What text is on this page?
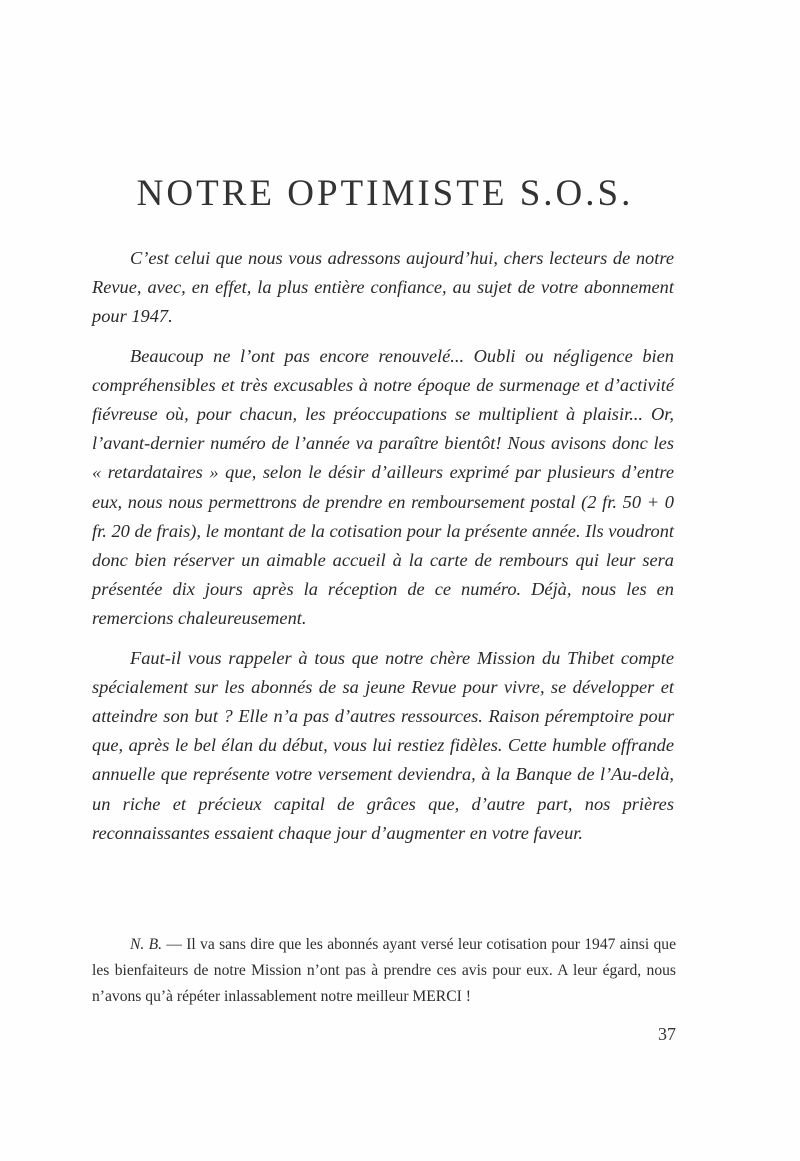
NOTRE OPTIMISTE S.O.S.

C’est celui que nous vous adressons aujourd’hui, chers lecteurs de notre Revue, avec, en effet, la plus entière confiance, au sujet de votre abonnement pour 1947.

Beaucoup ne l’ont pas encore renouvelé... Oubli ou négligence bien compréhensibles et très excusables à notre époque de surmenage et d’activité fiévreuse où, pour chacun, les préoccupations se multiplient à plaisir... Or, l’avant-dernier numéro de l’année va paraître bientôt! Nous avisons donc les « retardataires » que, selon le désir d’ailleurs exprimé par plusieurs d’entre eux, nous nous permettrons de prendre en remboursement postal (2 fr. 50 + 0 fr. 20 de frais), le montant de la cotisation pour la présente année. Ils voudront donc bien réserver un aimable accueil à la carte de rembours qui leur sera présentée dix jours après la réception de ce numéro. Déjà, nous les en remercions chaleureusement.

Faut-il vous rappeler à tous que notre chère Mission du Thibet compte spécialement sur les abonnés de sa jeune Revue pour vivre, se développer et atteindre son but ? Elle n’a pas d’autres ressources. Raison péremptoire pour que, après le bel élan du début, vous lui restiez fidèles. Cette humble offrande annuelle que représente votre versement deviendra, à la Banque de l’Au-delà, un riche et précieux capital de grâces que, d’autre part, nos prières reconnaissantes essaient chaque jour d’augmenter en votre faveur.

N. B. — Il va sans dire que les abonnés ayant versé leur cotisation pour 1947 ainsi que les bienfaiteurs de notre Mission n’ont pas à prendre ces avis pour eux. A leur égard, nous n’avons qu’à répéter inlassablement notre meilleur MERCI !

37
